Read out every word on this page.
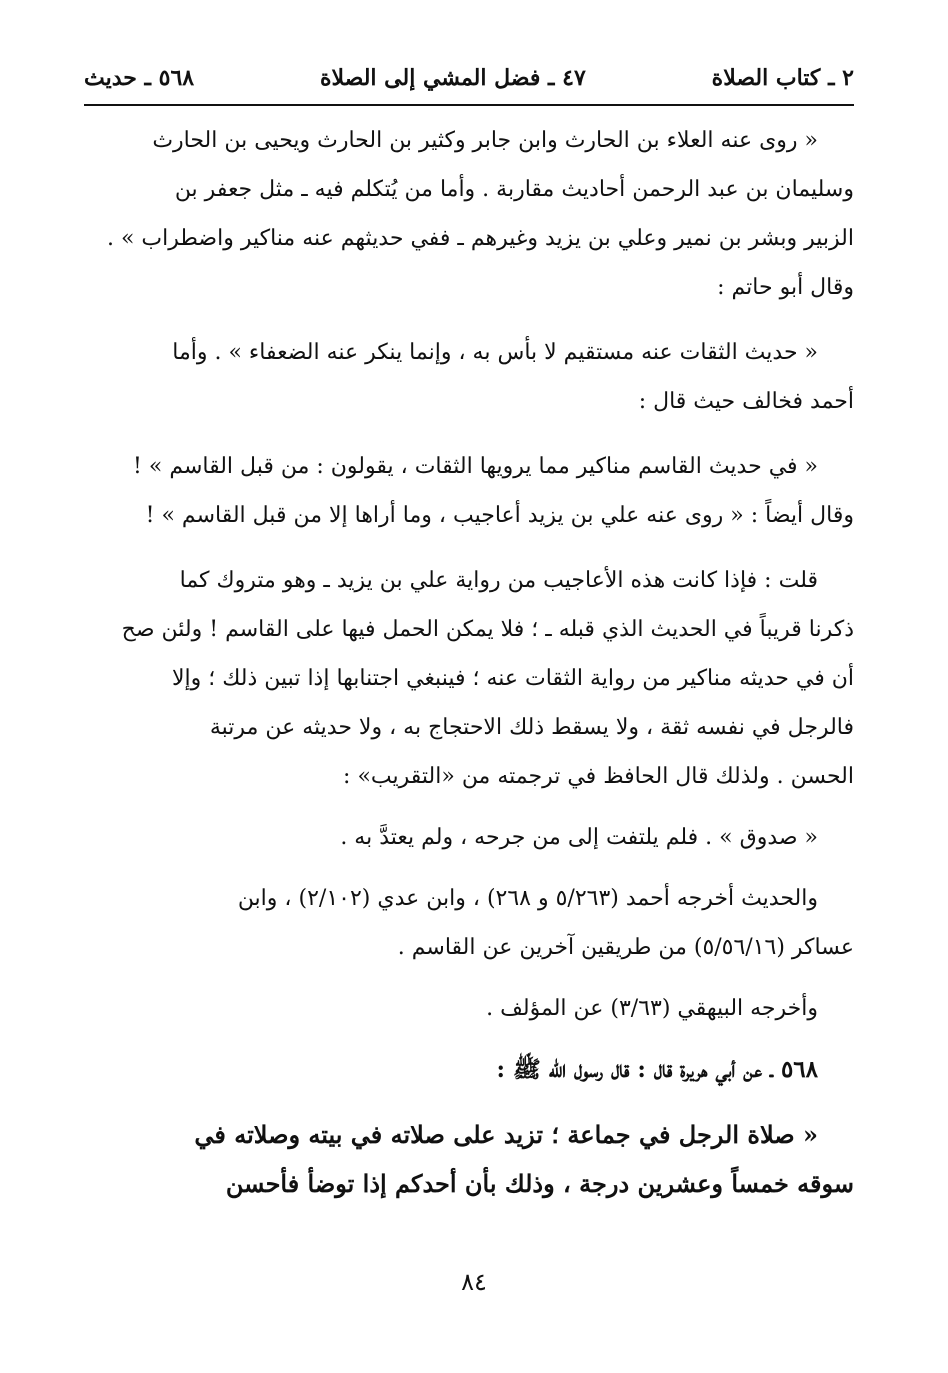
٢ ـ كتاب الصلاة
٤٧ ـ فضل المشي إلى الصلاة
٥٦٨ ـ حديث
« روى عنه العلاء بن الحارث وابن جابر وكثير بن الحارث ويحيى بن الحارث
وسليمان بن عبد الرحمن أحاديث مقاربة . وأما من يُتكلم فيه ـ مثل جعفر بن
الزبير وبشر بن نمير وعلي بن يزيد وغيرهم ـ ففي حديثهم عنه مناكير واضطراب » .
وقال أبو حاتم :
« حديث الثقات عنه مستقيم لا بأس به ، وإنما ينكر عنه الضعفاء » . وأما
أحمد فخالف حيث قال :
« في حديث القاسم مناكير مما يرويها الثقات ، يقولون : من قبل القاسم » !
وقال أيضاً : « روى عنه علي بن يزيد أعاجيب ، وما أراها إلا من قبل القاسم » !
قلت : فإذا كانت هذه الأعاجيب من رواية علي بن يزيد ـ وهو متروك كما
ذكرنا قريباً في الحديث الذي قبله ـ ؛ فلا يمكن الحمل فيها على القاسم ! ولئن صح
أن في حديثه مناكير من رواية الثقات عنه ؛ فينبغي اجتنابها إذا تبين ذلك ؛ وإلا
فالرجل في نفسه ثقة ، ولا يسقط ذلك الاحتجاج به ، ولا حديثه عن مرتبة
الحسن . ولذلك قال الحافظ في ترجمته من «التقريب» :
« صدوق » . فلم يلتفت إلى من جرحه ، ولم يعتدَّ به .
والحديث أخرجه أحمد (٥/٢٦٣ و ٢٦٨) ، وابن عدي (٢/١٠٢) ، وابن
عساكر (٥/٥٦/١٦) من طريقين آخرين عن القاسم .
وأخرجه البيهقي (٣/٦٣) عن المؤلف .
٥٦٨ ـ عن أبي هريرة قال : قال رسول الله ﷺ :
« صلاة الرجل في جماعة ؛ تزيد على صلاته في بيته وصلاته في
سوقه خمساً وعشرين درجة ، وذلك بأن أحدكم إذا توضأ فأحسن
٨٤
